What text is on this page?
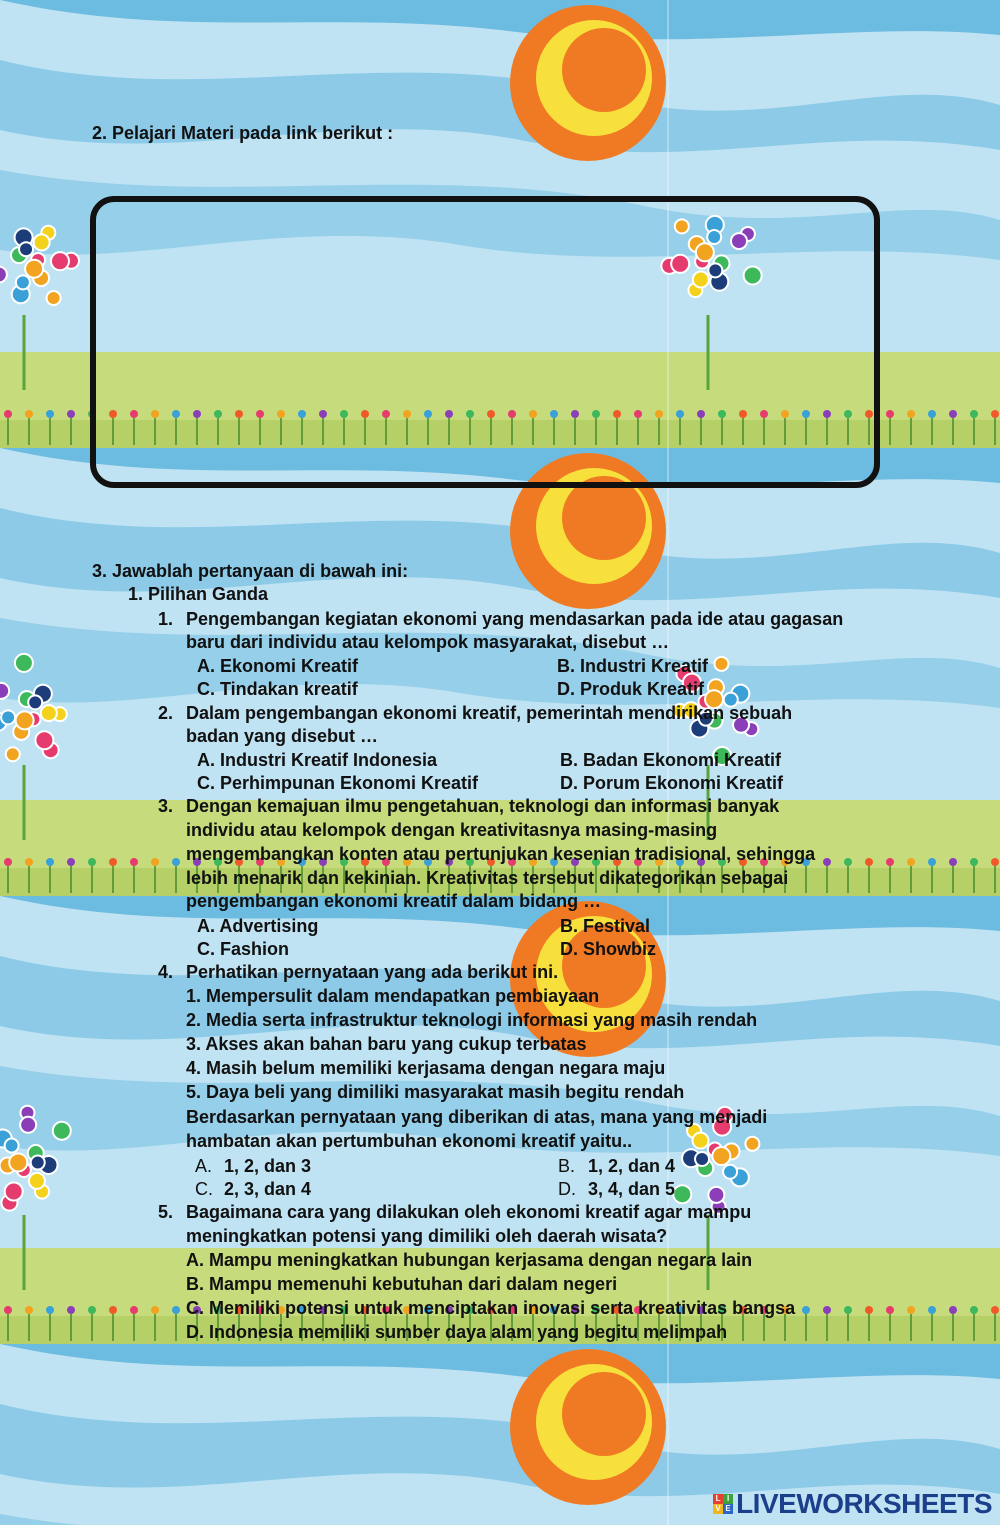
2. Pelajari Materi pada link berikut :
3. Jawablah pertanyaan di bawah ini:
1. Pilihan Ganda
1. Pengembangan kegiatan ekonomi yang mendasarkan pada ide atau gagasan
baru dari individu atau kelompok masyarakat, disebut …
A. Ekonomi Kreatif	B. Industri Kreatif
C. Tindakan kreatif	D. Produk Kreatif
2. Dalam pengembangan ekonomi kreatif, pemerintah mendirikan sebuah
badan yang disebut …
A. Industri Kreatif Indonesia	B. Badan Ekonomi Kreatif
C. Perhimpunan Ekonomi Kreatif	D. Porum Ekonomi Kreatif
3. Dengan kemajuan ilmu pengetahuan, teknologi dan informasi banyak
individu atau kelompok dengan kreativitasnya masing-masing
mengembangkan konten atau pertunjukan kesenian tradisional, sehingga
lebih menarik dan kekinian. Kreativitas tersebut dikategorikan sebagai
pengembangan ekonomi kreatif dalam bidang …
A. Advertising	B. Festival
C. Fashion	D. Showbiz
4. Perhatikan pernyataan yang ada berikut ini.
1. Mempersulit dalam mendapatkan pembiayaan
2. Media serta infrastruktur teknologi informasi yang masih rendah
3. Akses akan bahan baru yang cukup terbatas
4. Masih belum memiliki kerjasama dengan negara maju
5. Daya beli yang dimiliki masyarakat masih begitu rendah
Berdasarkan pernyataan yang diberikan di atas, mana yang menjadi
hambatan akan pertumbuhan ekonomi kreatif yaitu..
A. 1, 2, dan 3	B. 1, 2, dan 4
C. 2, 3, dan 4	D. 3, 4, dan 5
5. Bagaimana cara yang dilakukan oleh ekonomi kreatif agar mampu
meningkatkan potensi yang dimiliki oleh daerah wisata?
A. Mampu meningkatkan hubungan kerjasama dengan negara lain
B. Mampu memenuhi kebutuhan dari dalam negeri
C. Memiliki potensi untuk menciptakan inovasi serta kreativitas bangsa
D. Indonesia memiliki sumber daya alam yang begitu melimpah
L I
V E LIVEWORKSHEETS
